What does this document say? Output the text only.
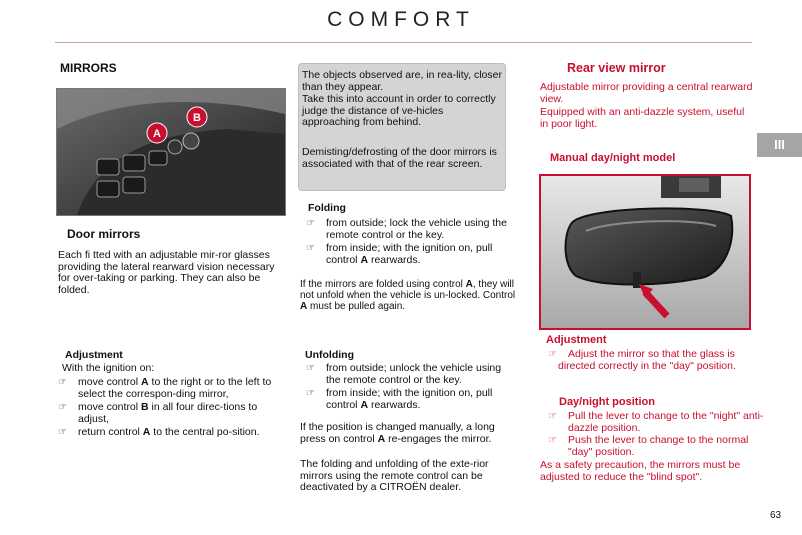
COMFORT
MIRRORS
A
B
Door mirrors
Each fi tted with an adjustable mir-ror glasses providing the lateral rearward vision necessary for over-taking or parking. They can also be folded.
Adjustment
With the ignition on:
☞ move control A to the right or to the left to select the correspon-ding mirror,
☞ move control B in all four direc-tions to adjust,
☞ return control A to the central po-sition.
The objects observed are, in rea-lity, closer than they appear.
Take this into account in order to correctly judge the distance of ve-hicles approaching from behind.
Demisting/defrosting of the door mirrors is associated with that of the rear screen.
Folding
☞ from outside; lock the vehicle using the remote control or the key.
☞ from inside; with the ignition on, pull control A rearwards.
If the mirrors are folded using control A, they will not unfold when the vehicle is un-locked. Control A must be pulled again.
Unfolding
☞ from outside; unlock the vehicle using the remote control or the key.
☞ from inside; with the ignition on, pull control A rearwards.
If the position is changed manually, a long press on control A re-engages the mirror.
The folding and unfolding of the exte-rior mirrors using the remote control can be deactivated by a CITROËN dealer.
Rear view mirror
Adjustable mirror providing a central rearward view.
Equipped with an anti-dazzle system, useful in poor light.
III
Manual day/night model
Adjustment
☞ Adjust the mirror so that the glass is directed correctly in the "day" position.
Day/night position
☞ Pull the lever to change to the "night" anti-dazzle position.
☞ Push the lever to change to the normal "day" position.
As a safety precaution, the mirrors must be adjusted to reduce the "blind spot".
63
